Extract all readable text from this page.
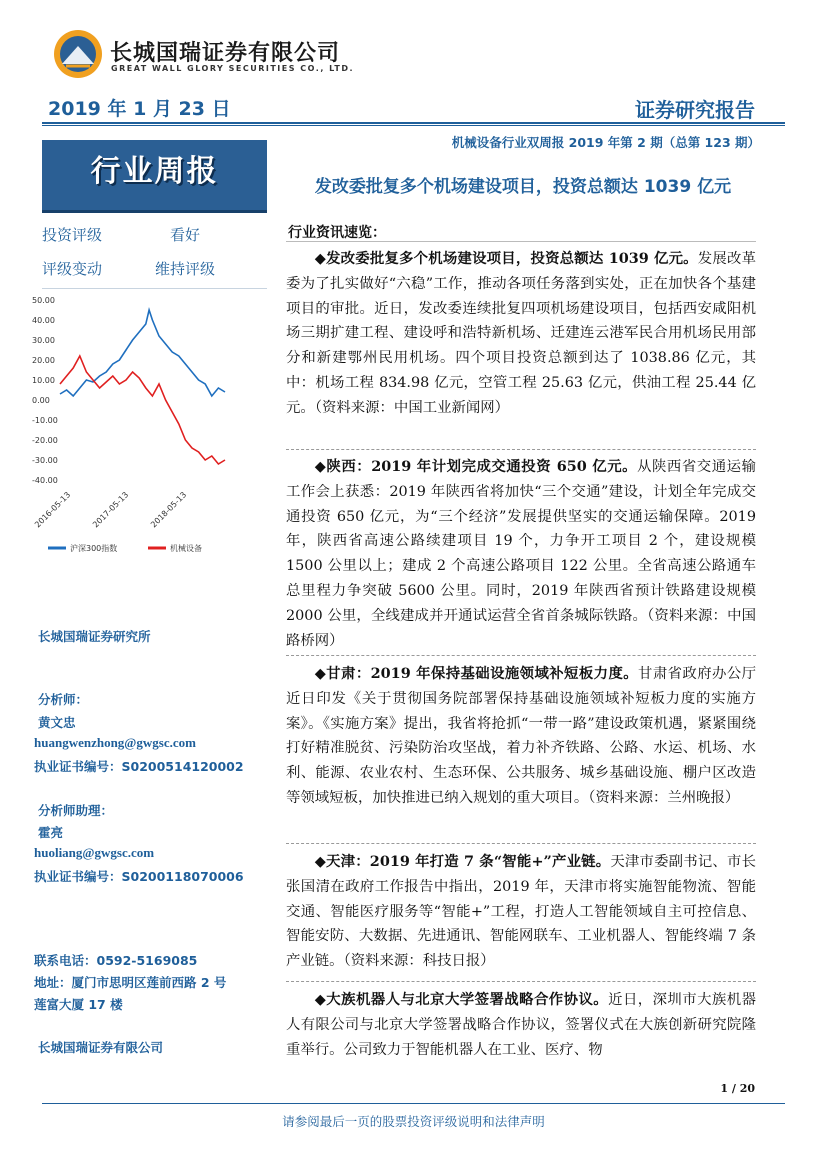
长城国瑞证券有限公司
GREAT WALL GLORY SECURITIES CO., LTD.
2019 年 1 月 23 日	证券研究报告
行业周报
投资评级	看好
评级变动	维持评级
50.00
40.00
30.00
20.00
10.00
0.00
-10.00
-20.00
-30.00
-40.00
2016-05-13 2017-05-13 2018-05-13
沪深300指数	机械设备
长城国瑞证券研究所
分析师：
黄文忠
huangwenzhong@gwgsc.com
执业证书编号：S0200514120002
分析师助理：
霍亮
huoliang@gwgsc.com
执业证书编号：S0200118070006
联系电话：0592-5169085
地址：厦门市思明区莲前西路 2 号
莲富大厦 17 楼
长城国瑞证券有限公司
机械设备行业双周报 2019 年第 2 期（总第 123 期）
发改委批复多个机场建设项目，投资总额达 1039 亿元
行业资讯速览：

◆发改委批复多个机场建设项目，投资总额达 1039 亿元。发展改革委为了扎实做好“六稳”工作，推动各项任务落到实处，正在加快各个基建项目的审批。近日，发改委连续批复四项机场建设项目，包括西安咸阳机场三期扩建工程、建设呼和浩特新机场、迁建连云港军民合用机场民用部分和新建鄂州民用机场。四个项目投资总额到达了 1038.86 亿元，其中：机场工程 834.98 亿元，空管工程 25.63 亿元，供油工程 25.44 亿元。（资料来源：中国工业新闻网）

◆陕西：2019 年计划完成交通投资 650 亿元。从陕西省交通运输工作会上获悉：2019 年陕西省将加快“三个交通”建设，计划全年完成交通投资 650 亿元，为“三个经济”发展提供坚实的交通运输保障。2019 年，陕西省高速公路续建项目 19 个，力争开工项目 2 个，建设规模 1500 公里以上；建成 2 个高速公路项目 122 公里。全省高速公路通车总里程力争突破 5600 公里。同时，2019 年陕西省预计铁路建设规模 2000 公里，全线建成并开通试运营全省首条城际铁路。（资料来源：中国路桥网）

◆甘肃：2019 年保持基础设施领域补短板力度。甘肃省政府办公厅近日印发《关于贯彻国务院部署保持基础设施领域补短板力度的实施方案》。《实施方案》提出，我省将抢抓“一带一路”建设政策机遇，紧紧围绕打好精准脱贫、污染防治攻坚战，着力补齐铁路、公路、水运、机场、水利、能源、农业农村、生态环保、公共服务、城乡基础设施、棚户区改造等领域短板，加快推进已纳入规划的重大项目。（资料来源：兰州晚报）

◆天津：2019 年打造 7 条“智能+”产业链。天津市委副书记、市长张国清在政府工作报告中指出，2019 年，天津市将实施智能物流、智能交通、智能医疗服务等“智能+”工程，打造人工智能领域自主可控信息、智能安防、大数据、先进通讯、智能网联车、工业机器人、智能终端 7 条产业链。（资料来源：科技日报）

◆大族机器人与北京大学签署战略合作协议。近日，深圳市大族机器人有限公司与北京大学签署战略合作协议，签署仪式在大族创新研究院隆重举行。公司致力于智能机器人在工业、医疗、物

1 / 20
请参阅最后一页的股票投资评级说明和法律声明
